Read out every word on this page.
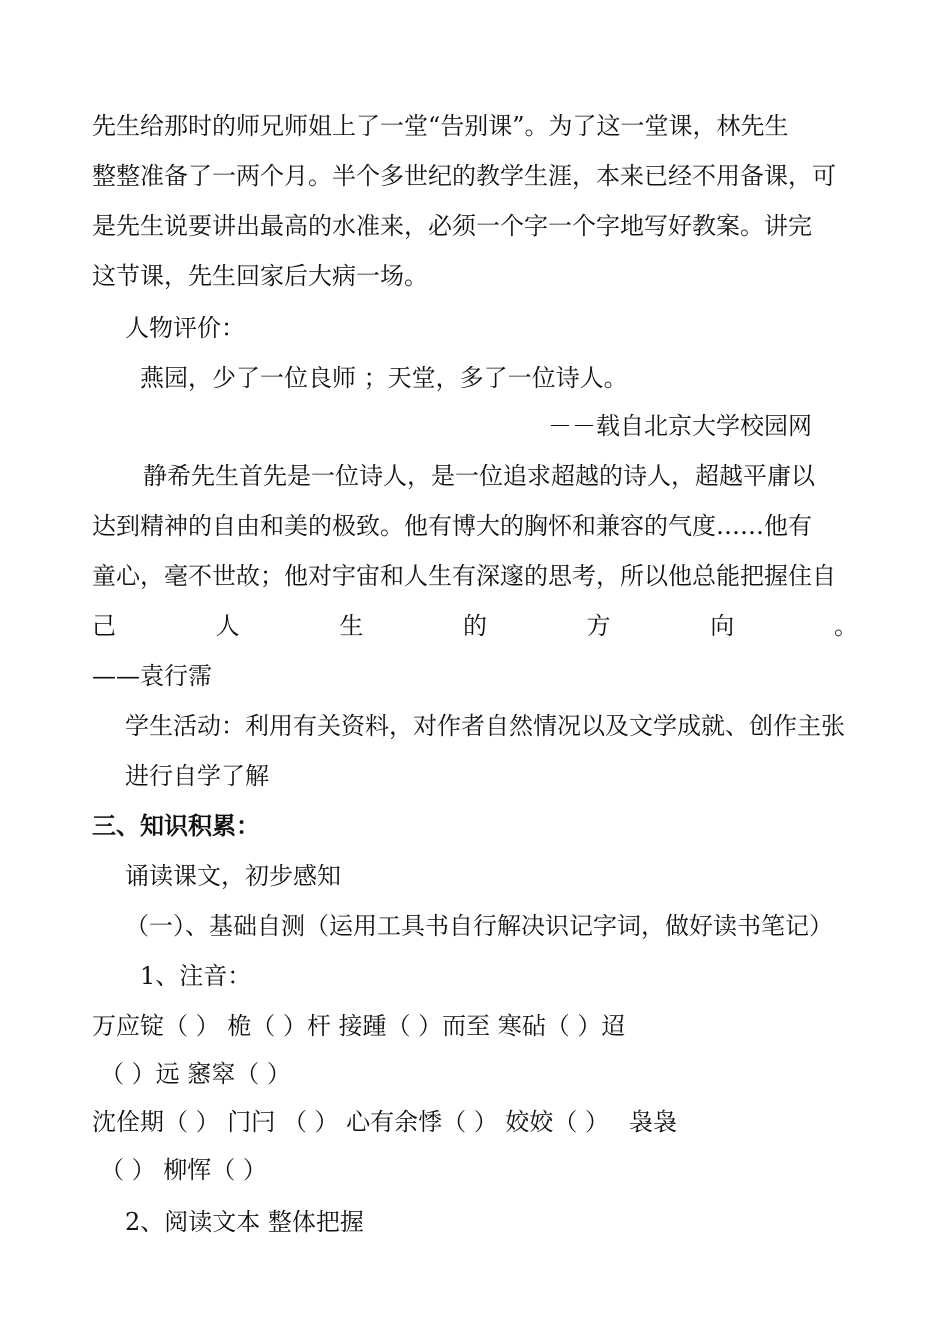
先生给那时的师兄师姐上了一堂“告别课”。为了这一堂课，林先生
整整准备了一两个月。半个多世纪的教学生涯，本来已经不用备课，可
是先生说要讲出最高的水准来，必须一个字一个字地写好教案。讲完
这节课，先生回家后大病一场。
人物评价：
燕园，少了一位良师 ；天堂，多了一位诗人。
－－载自北京大学校园网
静希先生首先是一位诗人，是一位追求超越的诗人，超越平庸以
达到精神的自由和美的极致。他有博大的胸怀和兼容的气度……他有
童心，毫不世故；他对宇宙和人生有深邃的思考，所以他总能把握住自
己	人	生	的	方	向	。
——袁行霈
学生活动：利用有关资料，对作者自然情况以及文学成就、创作主张
进行自学了解
三、知识积累：
诵读课文，初步感知
（一）、基础自测（运用工具书自行解决识记字词，做好读书笔记）
1、注音：
万应锭（ ） 桅（ ）杆 接踵（ ）而至 寒砧（ ）迢
（ ）远 窸窣（ ）
沈佺期（ ） 门闩 （ ） 心有余悸（ ） 姣姣（ ） 袅袅
（ ） 柳恽（ ）
2、阅读文本 整体把握
